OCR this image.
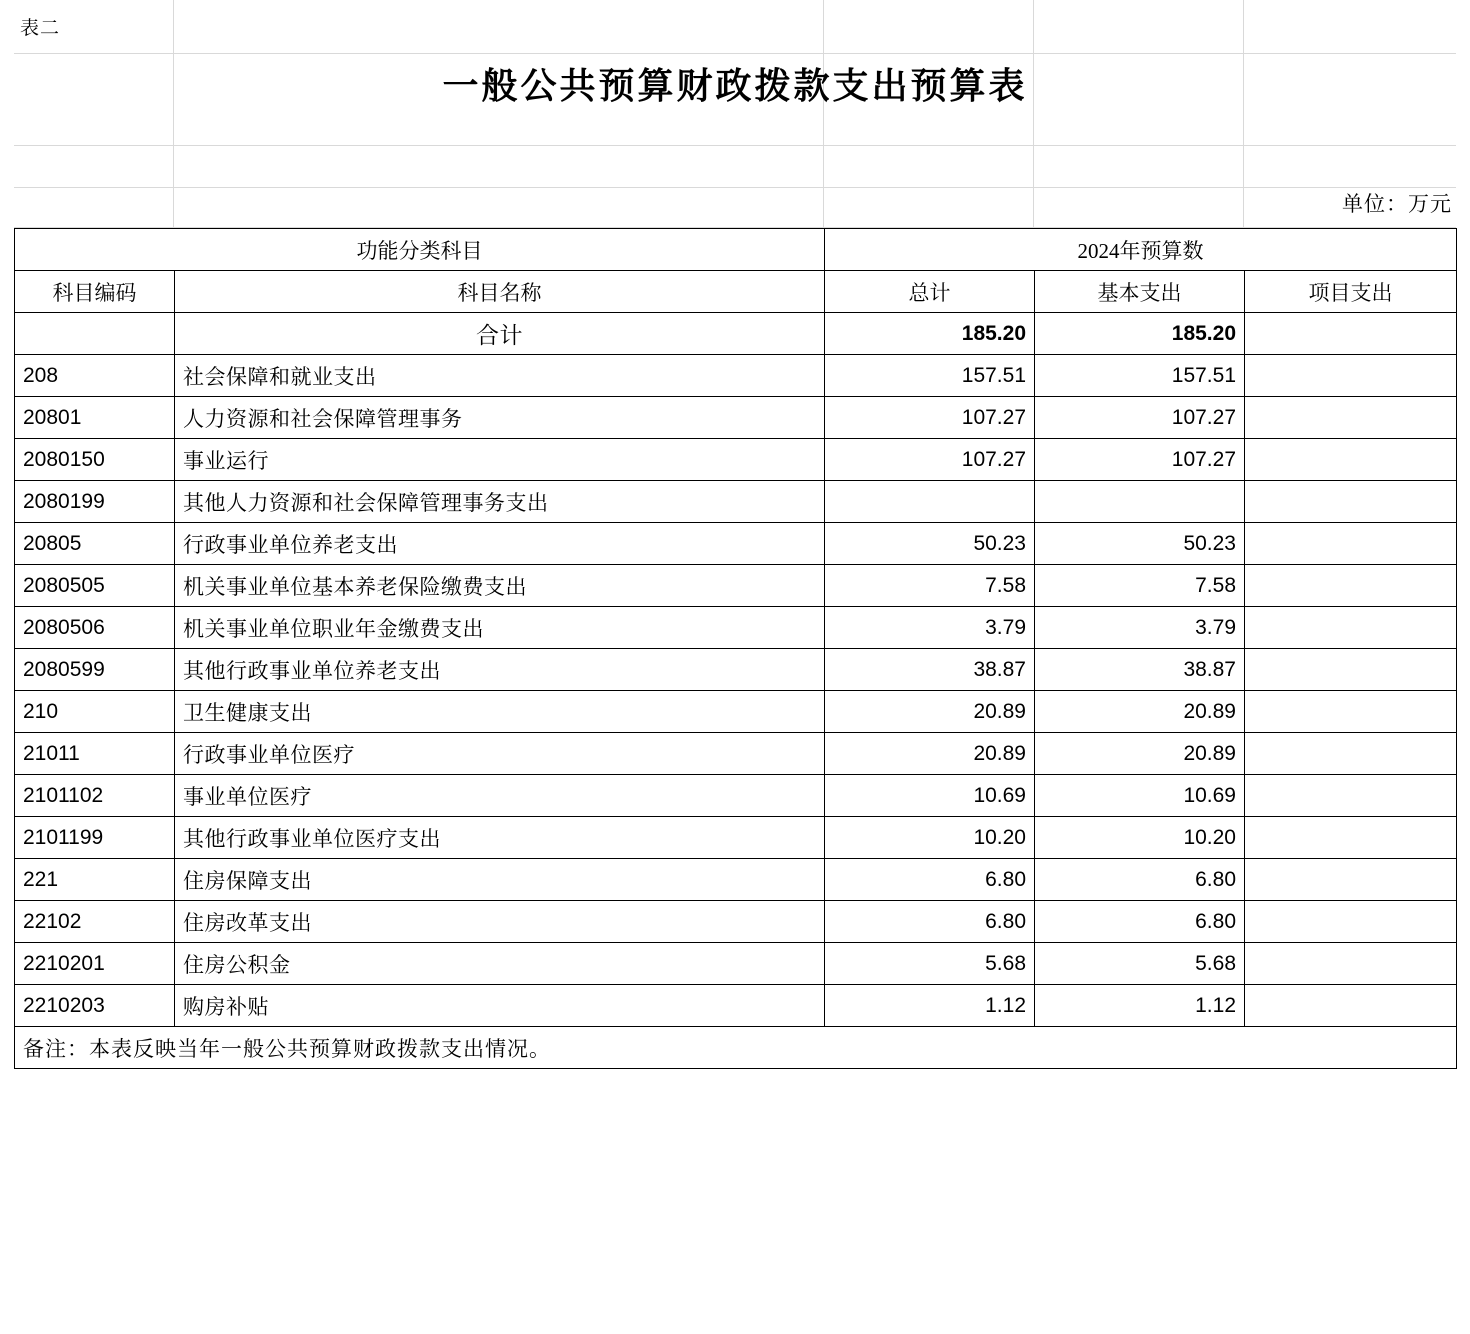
表二
一般公共预算财政拨款支出预算表
单位：万元
功能分类科目		2024年预算数		
科目编码	科目名称	总计	基本支出	项目支出
	合计	185.20	185.20	
208	社会保障和就业支出	157.51	157.51	
20801	人力资源和社会保障管理事务	107.27	107.27	
2080150	事业运行	107.27	107.27	
2080199	其他人力资源和社会保障管理事务支出			
20805	行政事业单位养老支出	50.23	50.23	
2080505	机关事业单位基本养老保险缴费支出	7.58	7.58	
2080506	机关事业单位职业年金缴费支出	3.79	3.79	
2080599	其他行政事业单位养老支出	38.87	38.87	
210	卫生健康支出	20.89	20.89	
21011	行政事业单位医疗	20.89	20.89	
2101102	事业单位医疗	10.69	10.69	
2101199	其他行政事业单位医疗支出	10.20	10.20	
221	住房保障支出	6.80	6.80	
22102	住房改革支出	6.80	6.80	
2210201	住房公积金	5.68	5.68	
2210203	购房补贴	1.12	1.12	
备注：本表反映当年一般公共预算财政拨款支出情况。				
